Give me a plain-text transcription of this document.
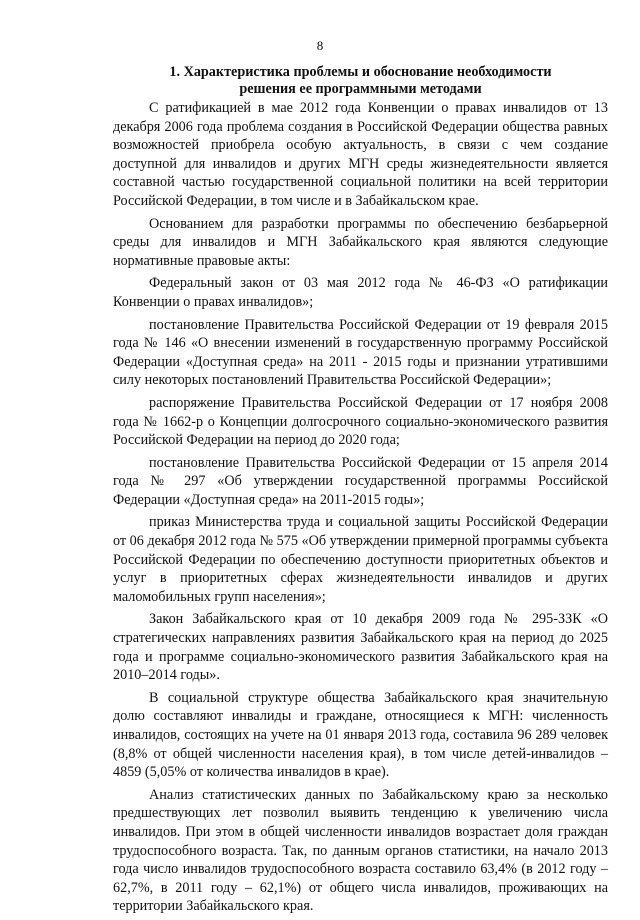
8
1. Характеристика проблемы и обоснование необходимости
решения ее программными методами

С ратификацией в мае 2012 года Конвенции о правах инвалидов от 13 декабря 2006 года проблема создания в Российской Федерации общества равных возможностей приобрела особую актуальность, в связи с чем создание доступной для инвалидов и других МГН среды жизнедеятельности является составной частью государственной социальной политики на всей территории Российской Федерации, в том числе и в Забайкальском крае.

Основанием для разработки программы по обеспечению безбарьерной среды для инвалидов и МГН Забайкальского края являются следующие нормативные правовые акты:

Федеральный закон от 03 мая 2012 года № 46-ФЗ «О ратификации Конвенции о правах инвалидов»;

постановление Правительства Российской Федерации от 19 февраля 2015 года № 146 «О внесении изменений в государственную программу Российской Федерации «Доступная среда» на 2011 - 2015 годы и признании утратившими силу некоторых постановлений Правительства Российской Федерации»;

распоряжение Правительства Российской Федерации от 17 ноября 2008 года № 1662-р о Концепции долгосрочного социально-экономического развития Российской Федерации на период до 2020 года;

постановление Правительства Российской Федерации от 15 апреля 2014 года № 297 «Об утверждении государственной программы Российской Федерации «Доступная среда» на 2011-2015 годы»;

приказ Министерства труда и социальной защиты Российской Федерации от 06 декабря 2012 года № 575 «Об утверждении примерной программы субъекта Российской Федерации по обеспечению доступности приоритетных объектов и услуг в приоритетных сферах жизнедеятельности инвалидов и других маломобильных групп населения»;

Закон Забайкальского края от 10 декабря 2009 года № 295-ЗЗК «О стратегических направлениях развития Забайкальского края на период до 2025 года и программе социально-экономического развития Забайкальского края на 2010–2014 годы».

В социальной структуре общества Забайкальского края значительную долю составляют инвалиды и граждане, относящиеся к МГН: численность инвалидов, состоящих на учете на 01 января 2013 года, составила 96 289 человек (8,8% от общей численности населения края), в том числе детей-инвалидов – 4859 (5,05% от количества инвалидов в крае).

Анализ статистических данных по Забайкальскому краю за несколько предшествующих лет позволил выявить тенденцию к увеличению числа инвалидов. При этом в общей численности инвалидов возрастает доля граждан трудоспособного возраста. Так, по данным органов статистики, на начало 2013 года число инвалидов трудоспособного возраста составило 63,4% (в 2012 году – 62,7%, в 2011 году – 62,1%) от общего числа инвалидов, проживающих на территории Забайкальского края.
